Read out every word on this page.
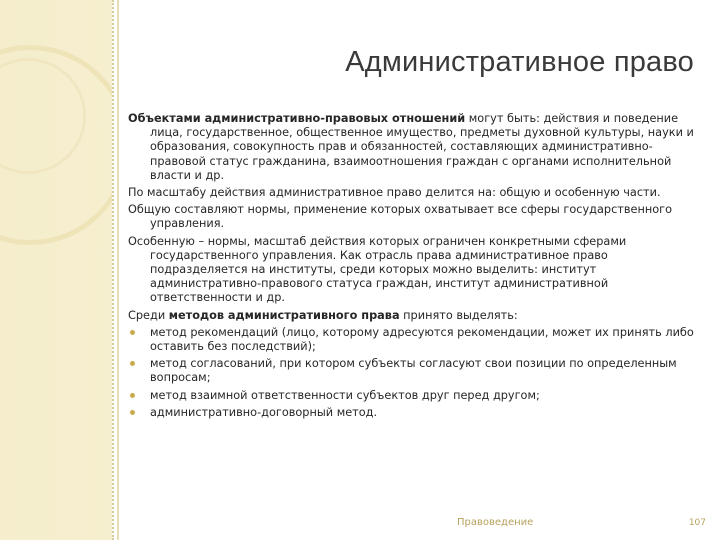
Административное право

Объектами административно-правовых отношений могут быть: действия и поведение лица, государственное, общественное имущество, предметы духовной культуры, науки и образования, совокупность прав и обязанностей, составляющих административно-правовой статус гражданина, взаимоотношения граждан с органами исполнительной власти и др.

По масштабу действия административное право делится на: общую и особенную части.

Общую составляют нормы, применение которых охватывает все сферы государственного управления.

Особенную – нормы, масштаб действия которых ограничен конкретными сферами государственного управления. Как отрасль права административное право подразделяется на институты, среди которых можно выделить: институт административно-правового статуса граждан, институт административной ответственности и др.

Среди методов административного права принято выделять:

метод рекомендаций (лицо, которому адресуются рекомендации, может их принять либо оставить без последствий);
метод согласований, при котором субъекты согласуют свои позиции по определенным вопросам;
метод взаимной ответственности субъектов друг перед другом;
административно-договорный метод.
Правоведение	107
